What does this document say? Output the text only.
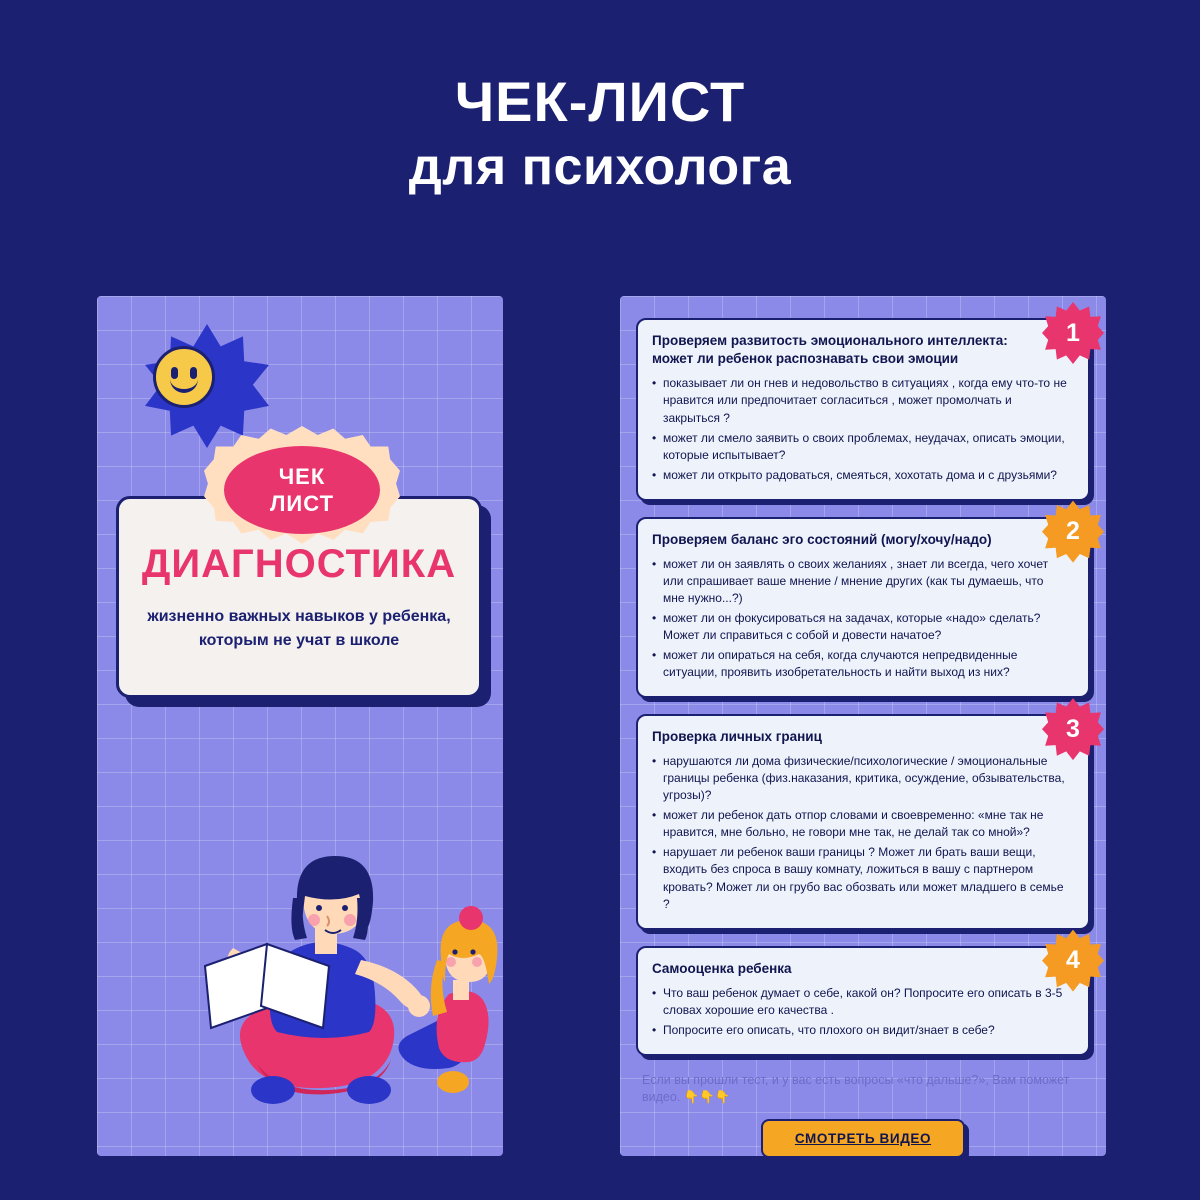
ЧЕК-ЛИСТ
для психолога
ЧЕК
ЛИСТ
ДИАГНОСТИКА

жизненно важных навыков у ребенка, которым не учат в школе

1
Проверяем развитость эмоционального интеллекта: может ли ребенок распознавать свои эмоции
• показывает ли он гнев и недовольство в ситуациях , когда ему что-то не нравится или предпочитает согласиться , может промолчать и закрыться ?
• может ли смело заявить о своих проблемах, неудачах, описать эмоции, которые испытывает?
• может ли открыто радоваться, смеяться, хохотать дома и с друзьями?
2
Проверяем баланс эго состояний (могу/хочу/надо)
• может ли он заявлять о своих желаниях , знает ли всегда, чего хочет или спрашивает ваше мнение / мнение других (как ты думаешь, что мне нужно...?)
• может ли он фокусироваться на задачах, которые «надо» сделать? Может ли справиться с собой и довести начатое?
• может ли опираться на себя, когда случаются непредвиденные ситуации, проявить изобретательность и найти выход из них?
3
Проверка личных границ
• нарушаются ли дома физические/психологические / эмоциональные границы ребенка (физ.наказания, критика, осуждение, обзывательства, угрозы)?
• может ли ребенок дать отпор словами и своевременно: «мне так не нравится, мне больно, не говори мне так, не делай так со мной»?
• нарушает ли ребенок ваши границы ? Может ли брать ваши вещи, входить без спроса в вашу комнату, ложиться в вашу с партнером кровать? Может ли он грубо вас обозвать или может младшего в семье ?
4
Самооценка ребенка
• Что ваш ребенок думает о себе, какой он? Попросите его описать в 3-5 словах хорошие его качества .
• Попросите его описать, что плохого он видит/знает в себе?
Если вы прошли тест, и у вас есть вопросы «что дальше?», Вам поможет видео. 👇👇👇
СМОТРЕТЬ ВИДЕО
